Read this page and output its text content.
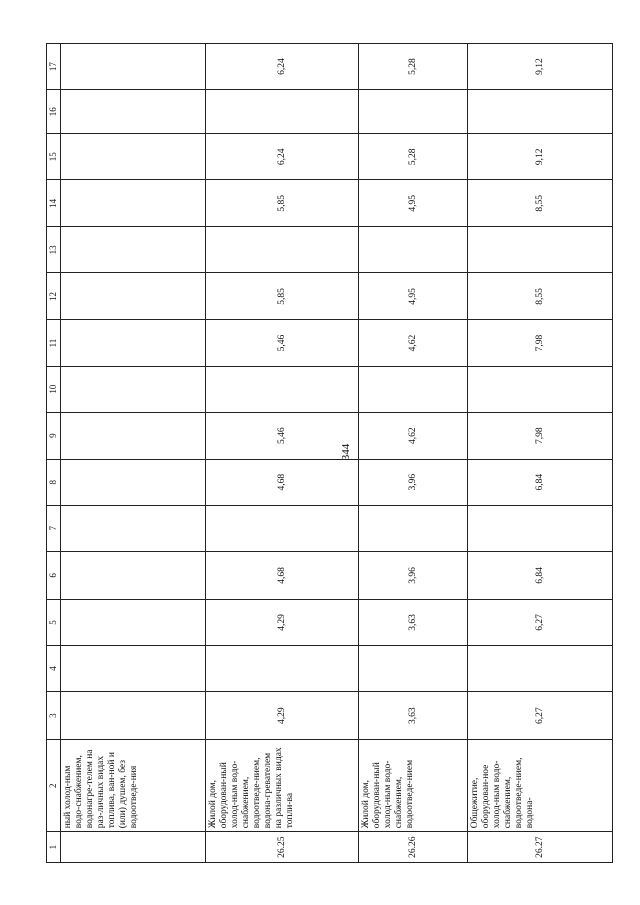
344
1	2	3	4	5	6	7	8	9	10	11	12	13	14	15	16	17
	ный холод-ным водо-снабжением, водонагре-телем на раз-личных видах топлива, ван-ной и (или) душем, без водоотведе-ния															
26.25	Жилой дом, оборудован-ный холод-ным водо-снабжением, водоотведе-нием, водона-гревателем на различных видах топли-ва	4,29		4,29	4,68		4,68	5,46		5,46	5,85		5,85	6,24		6,24
26.26	Жилой дом, оборудован-ный холод-ным водо-снабжением, водоотведе-нием	3,63		3,63	3,96		3,96	4,62		4,62	4,95		4,95	5,28		5,28
26.27	Общежитие, оборудован-ное холод-ным водо-снабжением, водоотведе-нием, водона-	6,27		6,27	6,84		6,84	7,98		7,98	8,55		8,55	9,12		9,12
